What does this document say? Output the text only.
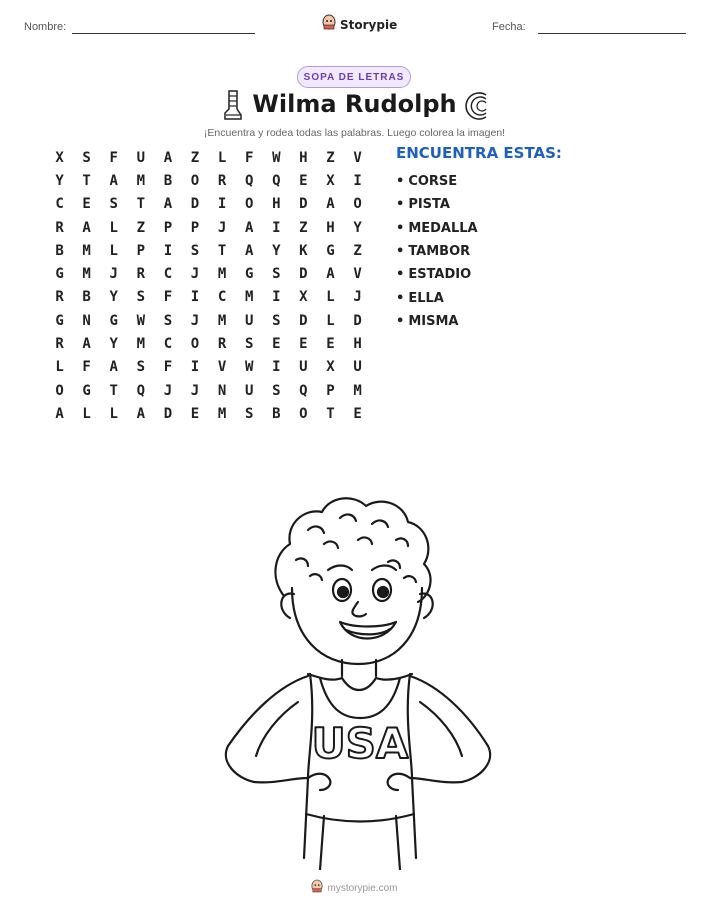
Nombre:	Storypie	Fecha:
SOPA DE LETRAS
Wilma Rudolph
¡Encuentra y rodea todas las palabras. Luego colorea la imagen!
X	S	F	U	A	Z	L	F	W	H	Z	V
Y	T	A	M	B	O	R	Q	Q	E	X	I
C	E	S	T	A	D	I	O	H	D	A	O
R	A	L	Z	P	P	J	A	I	Z	H	Y
B	M	L	P	I	S	T	A	Y	K	G	Z
G	M	J	R	C	J	M	G	S	D	A	V
R	B	Y	S	F	I	C	M	I	X	L	J
G	N	G	W	S	J	M	U	S	D	L	D
R	A	Y	M	C	O	R	S	E	E	E	H
L	F	A	S	F	I	V	W	I	U	X	U
O	G	T	Q	J	J	N	U	S	Q	P	M
A	L	L	A	D	E	M	S	B	O	T	E
ENCUENTRA ESTAS:
• CORSE
• PISTA
• MEDALLA
• TAMBOR
• ESTADIO
• ELLA
• MISMA
USA
mystorypie.com
